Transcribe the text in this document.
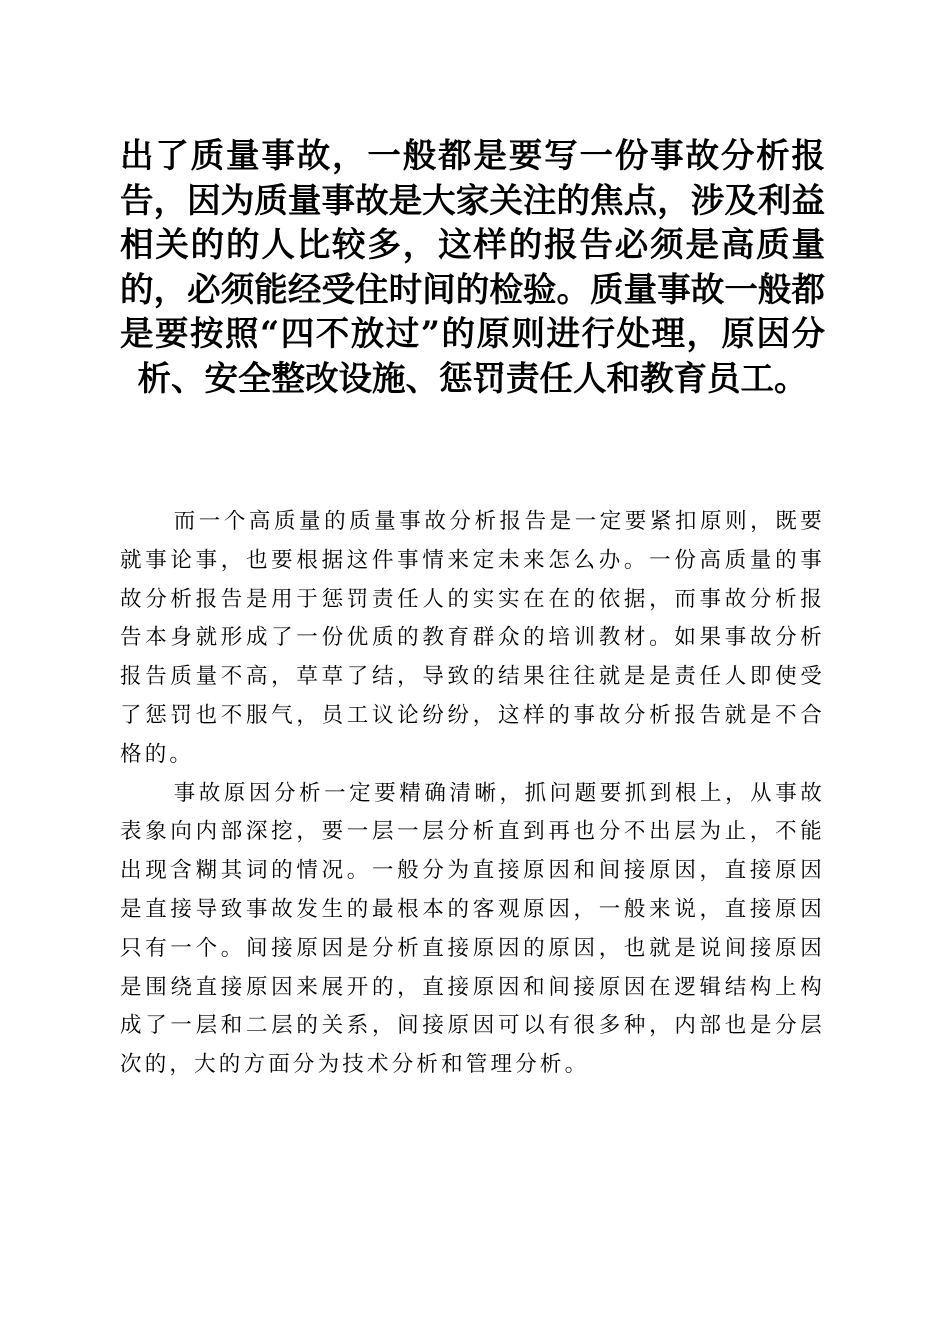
出了质量事故，一般都是要写一份事故分析报告，因为质量事故是大家关注的焦点，涉及利益相关的的人比较多，这样的报告必须是高质量的，必须能经受住时间的检验。质量事故一般都是要按照“四不放过”的原则进行处理，原因分析、安全整改设施、惩罚责任人和教育员工。

而一个高质量的质量事故分析报告是一定要紧扣原则，既要就事论事，也要根据这件事情来定未来怎么办。一份高质量的事故分析报告是用于惩罚责任人的实实在在的依据，而事故分析报告本身就形成了一份优质的教育群众的培训教材。如果事故分析报告质量不高，草草了结，导致的结果往往就是是责任人即使受了惩罚也不服气，员工议论纷纷，这样的事故分析报告就是不合格的。

事故原因分析一定要精确清晰，抓问题要抓到根上，从事故表象向内部深挖，要一层一层分析直到再也分不出层为止，不能出现含糊其词的情况。一般分为直接原因和间接原因，直接原因是直接导致事故发生的最根本的客观原因，一般来说，直接原因只有一个。间接原因是分析直接原因的原因，也就是说间接原因是围绕直接原因来展开的，直接原因和间接原因在逻辑结构上构成了一层和二层的关系，间接原因可以有很多种，内部也是分层次的，大的方面分为技术分析和管理分析。
